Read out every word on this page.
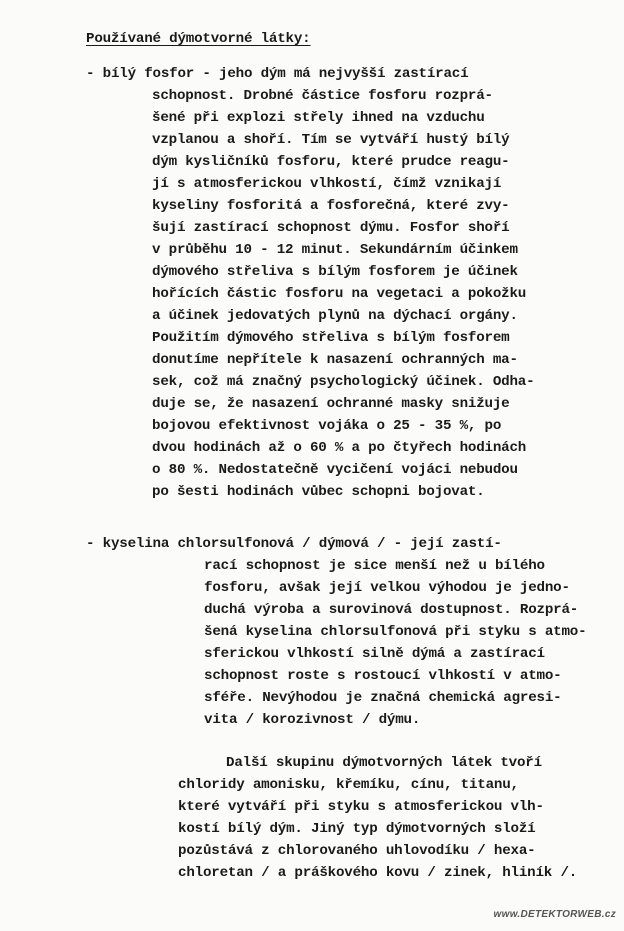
Používané dýmotvorné látky:
- bílý fosfor - jeho dým má nejvyšší zastírací
schopnost. Drobné částice fosforu rozprá-
šené při explozi střely ihned na vzduchu
vzplanou a shoří. Tím se vytváří hustý bílý
dým kysličníků fosforu, které prudce reagu-
jí s atmosferickou vlhkostí, čímž vznikají
kyseliny fosforitá a fosforečná, které zvy-
šují zastírací schopnost dýmu. Fosfor shoří
v průběhu 10 - 12 minut. Sekundárním účinkem
dýmového střeliva s bílým fosforem je účinek
hořících částic fosforu na vegetaci a pokožku
a účinek jedovatých plynů na dýchací orgány.
Použitím dýmového střeliva s bílým fosforem
donutíme nepřítele k nasazení ochranných ma-
sek, což má značný psychologický účinek. Odha-
duje se, že nasazení ochranné masky snižuje
bojovou efektivnost vojáka o 25 - 35 %, po
dvou hodinách až o 60 % a po čtyřech hodinách
o 80 %. Nedostatečně vycičení vojáci nebudou
po šesti hodinách vůbec schopni bojovat.
- kyselina chlorsulfonová / dýmová / - její zastí-
rací schopnost je sice menší než u bílého
fosforu, avšak její velkou výhodou je jedno-
duchá výroba a surovinová dostupnost. Rozprá-
šená kyselina chlorsulfonová při styku s atmo-
sferickou vlhkostí silně dýmá a zastírací
schopnost roste s rostoucí vlhkostí v atmo-
sféře. Nevýhodou je značná chemická agresi-
vita / korozivnost / dýmu.
Další skupinu dýmotvorných látek tvoří
chloridy amonisku, křemíku, cínu, titanu,
které vytváří při styku s atmosferickou vlh-
kostí bílý dým. Jiný typ dýmotvorných složí
pozůstává z chlorovaného uhlovodíku / hexa-
chloretan / a práškového kovu / zinek, hliník /.
www.DETEKTORWEB.cz
